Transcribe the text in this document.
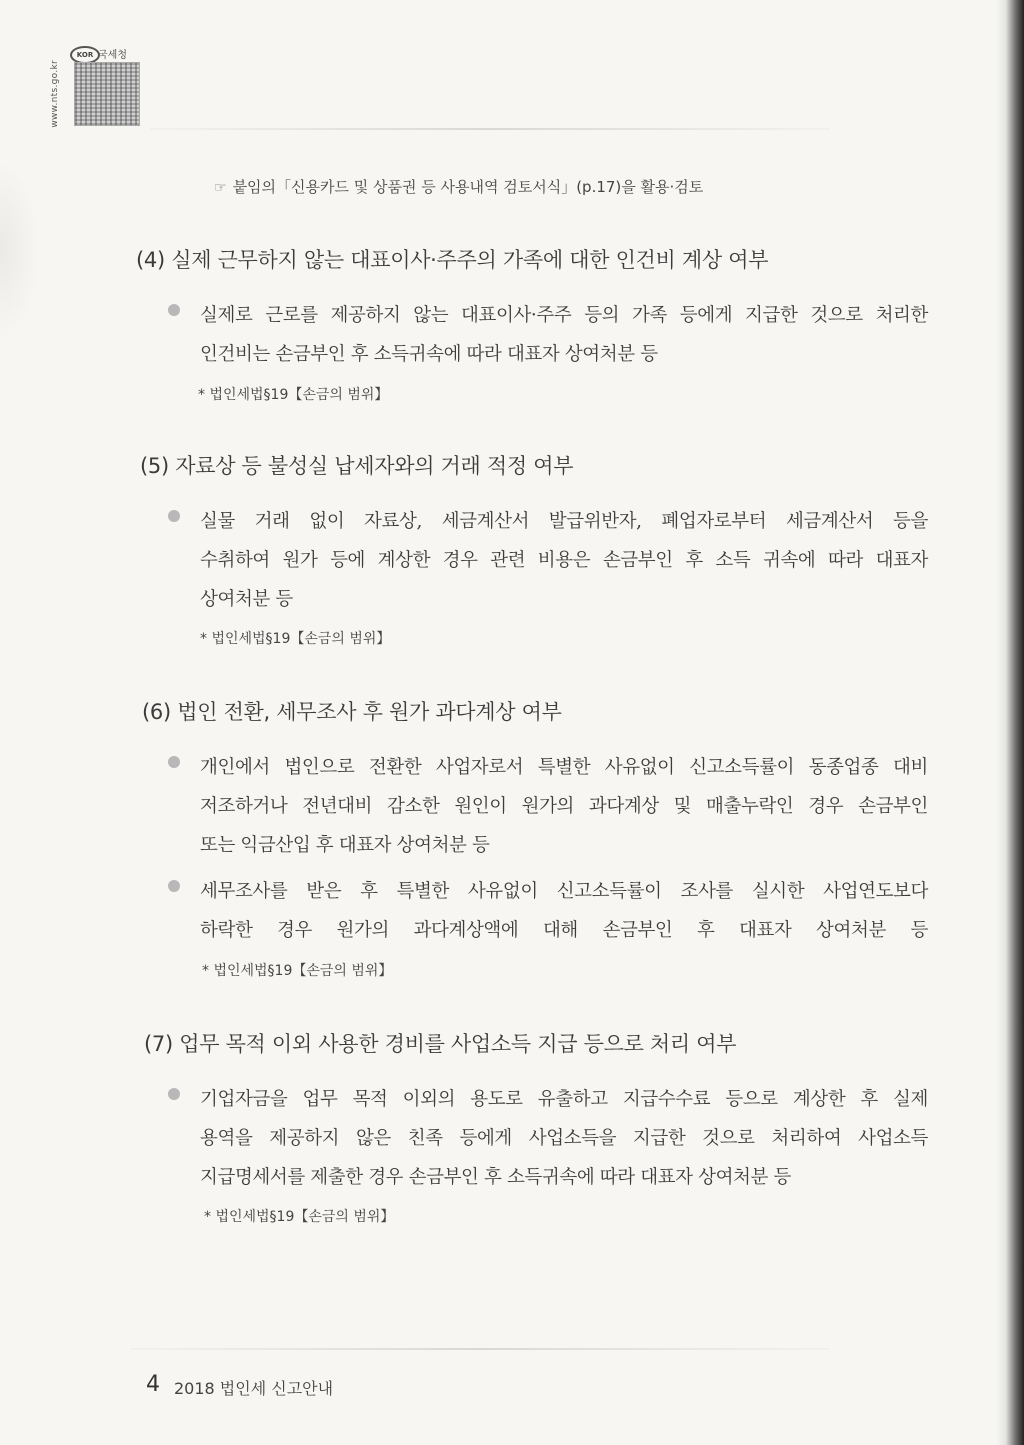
www.nts.go.kr
KOR 국세청
☞ 붙임의「신용카드 및 상품권 등 사용내역 검토서식」(p.17)을 활용·검토
(4) 실제 근무하지 않는 대표이사·주주의 가족에 대한 인건비 계상 여부
실제로 근로를 제공하지 않는 대표이사·주주 등의 가족 등에게 지급한 것으로 처리한
인건비는 손금부인 후 소득귀속에 따라 대표자 상여처분 등
* 법인세법§19【손금의 범위】
(5) 자료상 등 불성실 납세자와의 거래 적정 여부
실물 거래 없이 자료상, 세금계산서 발급위반자, 폐업자로부터 세금계산서 등을
수취하여 원가 등에 계상한 경우 관련 비용은 손금부인 후 소득 귀속에 따라 대표자
상여처분 등
* 법인세법§19【손금의 범위】
(6) 법인 전환, 세무조사 후 원가 과다계상 여부
개인에서 법인으로 전환한 사업자로서 특별한 사유없이 신고소득률이 동종업종 대비
저조하거나 전년대비 감소한 원인이 원가의 과다계상 및 매출누락인 경우 손금부인
또는 익금산입 후 대표자 상여처분 등
세무조사를 받은 후 특별한 사유없이 신고소득률이 조사를 실시한 사업연도보다
하락한 경우 원가의 과다계상액에 대해 손금부인 후 대표자 상여처분 등
* 법인세법§19【손금의 범위】
(7) 업무 목적 이외 사용한 경비를 사업소득 지급 등으로 처리 여부
기업자금을 업무 목적 이외의 용도로 유출하고 지급수수료 등으로 계상한 후 실제
용역을 제공하지 않은 친족 등에게 사업소득을 지급한 것으로 처리하여 사업소득
지급명세서를 제출한 경우 손금부인 후 소득귀속에 따라 대표자 상여처분 등
* 법인세법§19【손금의 범위】
4 2018 법인세 신고안내
